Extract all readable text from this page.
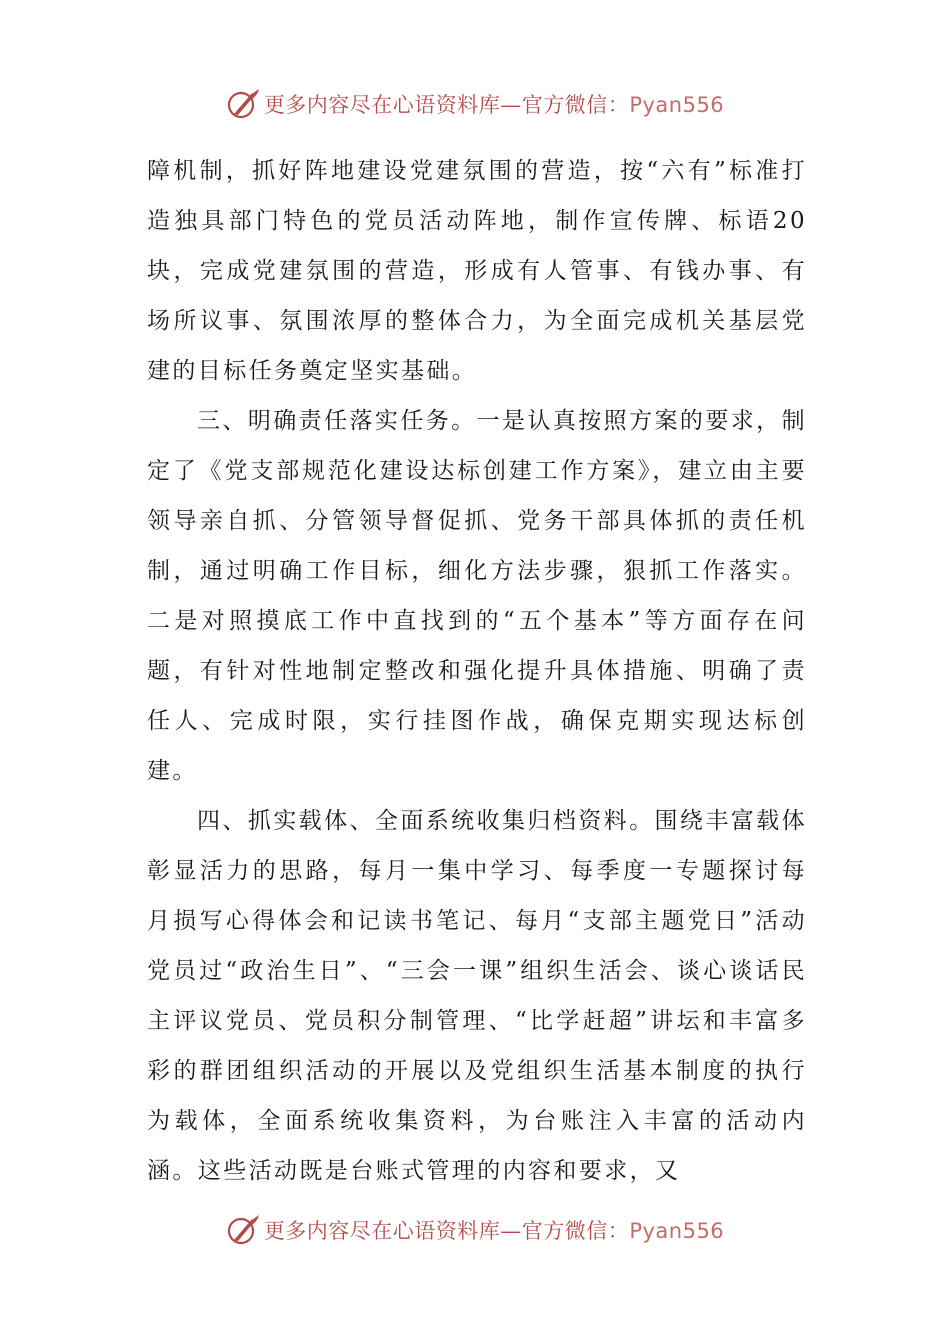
更多内容尽在心语资料库—官方微信：Pyan556

障机制，抓好阵地建设党建氛围的营造，按“六有”标准打造独具部门特色的党员活动阵地，制作宣传牌、标语20块，完成党建氛围的营造，形成有人管事、有钱办事、有场所议事、氛围浓厚的整体合力，为全面完成机关基层党建的目标任务奠定坚实基础。

三、明确责任落实任务。一是认真按照方案的要求，制定了《党支部规范化建设达标创建工作方案》，建立由主要领导亲自抓、分管领导督促抓、党务干部具体抓的责任机制，通过明确工作目标，细化方法步骤，狠抓工作落实。二是对照摸底工作中直找到的“五个基本”等方面存在问题，有针对性地制定整改和强化提升具体措施、明确了责任人、完成时限，实行挂图作战，确保克期实现达标创建。

四、抓实载体、全面系统收集归档资料。围绕丰富载体彰显活力的思路，每月一集中学习、每季度一专题探讨每月损写心得体会和记读书笔记、每月“支部主题党日”活动党员过“政治生日”、“三会一课”组织生活会、谈心谈话民主评议党员、党员积分制管理、“比学赶超”讲坛和丰富多彩的群团组织活动的开展以及党组织生活基本制度的执行为载体，全面系统收集资料，为台账注入丰富的活动内涵。这些活动既是台账式管理的内容和要求，又

更多内容尽在心语资料库—官方微信：Pyan556
